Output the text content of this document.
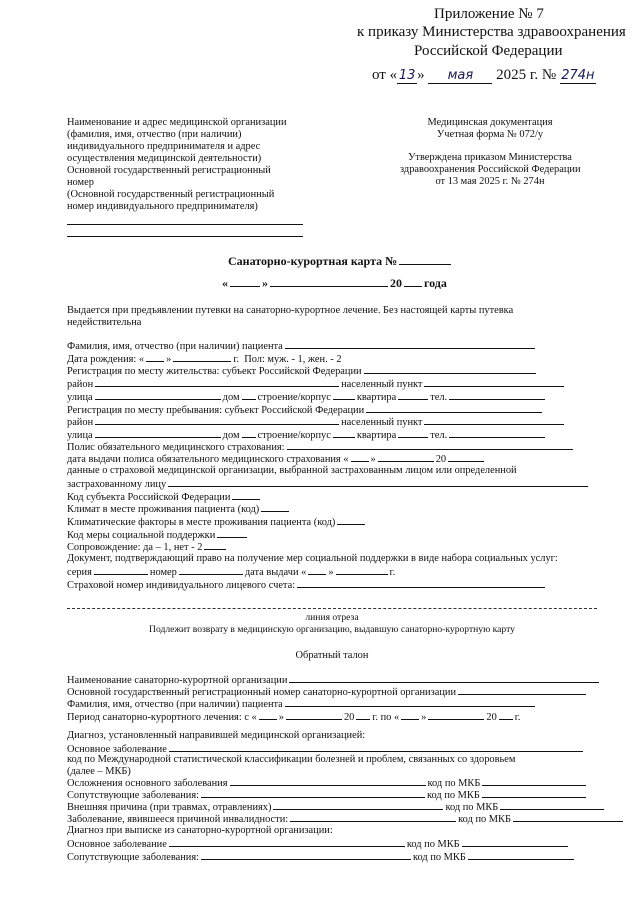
Приложение № 7
к приказу Министерства здравоохранения
Российской Федерации
от « 13 » мая 2025 г. № 274н
Наименование и адрес медицинской организации
(фамилия, имя, отчество (при наличии)
индивидуального предпринимателя и адрес
осуществления медицинской деятельности)
Основной государственный регистрационный
номер
(Основной государственный регистрационный
номер индивидуального предпринимателя)
Медицинская документация
Учетная форма № 072/у
Утверждена приказом Министерства
здравоохранения Российской Федерации
от 13 мая 2025 г. № 274н
Санаторно-курортная карта №
«	»	20 года
Выдается при предъявлении путевки на санаторно-курортное лечение. Без настоящей карты путевка
недействительна
Фамилия, имя, отчество (при наличии) пациента
Дата рождения: « »	г. Пол: муж. - 1, жен. - 2
Регистрация по месту жительства: субъект Российской Федерации
район	населенный пункт
улица	дом строение/корпус	квартира	тел.
Регистрация по месту пребывания: субъект Российской Федерации
район	населенный пункт
улица	дом строение/корпус	квартира	тел.
Полис обязательного медицинского страхования:
дата выдачи полиса обязательного медицинского страхования « »	20
данные о страховой медицинской организации, выбранной застрахованным лицом или определенной
застрахованному лицу
Код субъекта Российской Федерации
Климат в месте проживания пациента (код)
Климатические факторы в месте проживания пациента (код)
Код меры социальной поддержки
Сопровождение: да – 1, нет - 2
Документ, подтверждающий право на получение мер социальной поддержки в виде набора социальных услуг:
серия	номер	дата выдачи « »	г.
Страховой номер индивидуального лицевого счета:
линия отреза
Подлежит возврату в медицинскую организацию, выдавшую санаторно-курортную карту
Обратный талон
Наименование санаторно-курортной организации
Основной государственный регистрационный номер санаторно-курортной организации
Фамилия, имя, отчество (при наличии) пациента
Период санаторно-курортного лечения: с « »	20 г. по « »	20 г.
Диагноз, установленный направившей медицинской организацией:
Основное заболевание
код по Международной статистической классификации болезней и проблем, связанных со здоровьем
(далее – МКБ)
Осложнения основного заболевания	код по МКБ
Сопутствующие заболевания:	код по МКБ
Внешняя причина (при травмах, отравлениях)	код по МКБ
Заболевание, явившееся причиной инвалидности:	код по МКБ
Диагноз при выписке из санаторно-курортной организации:
Основное заболевание	код по МКБ
Сопутствующие заболевания:	код по МКБ
